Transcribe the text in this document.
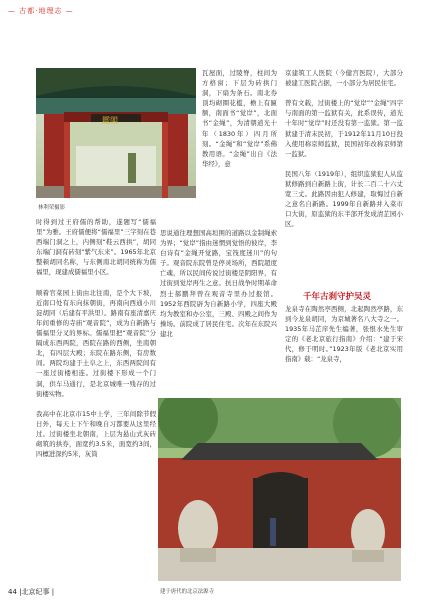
— 古都·地理志 —
鑑閣
林利荣摄影

时得到过王府儒的帮助，遂题写“儒福里”为雅。王府儒便将“儒福里”三字刻在巷西端门洞之上，内侧刻“鞋云西拱”，胡同东端门洞有砖刻“紫气东来”。1965年北京整顿胡同名称，与东侧南北胡同统称为儒福里，现建成儒福里小区。

顺着官菜园上街由北往南，是个大下坡，近南口处有东向抹朝街，再南向西通小川淀胡同（后建有平洪里）。路南有座清嘉庆年间重修的寺庙“观音院”，成为自新路与儒福里分叉的界标。儒福里把“观音院”分隔成东西两院，西院在路的西侧，坐南朝北，有四层大殿；东院在路东侧，有房数间。两院均建于土阜之上，东西两院间有一座过街楼相连。过街楼下形成一个门洞，供车马通行，是北京城唯一残存的过街楼实物。

我高中在北京市15中上学，三年间除节假日外，每天上下午和晚自习都要从这里经过。过街楼坐北朝南，上层为悬山式灰砖砌筑的拱券，面宽约3.5米，面宽约3间，四檩进深约5米，灰筒

瓦屋面，过陵脊，柱间为方格窗；下层为砖拱门洞，下扇为条石。南北券顶均砌圈花槛，檐上有匾额，南面书“觉岸”，北面书“金绳”，为清朝道光十年（1830年）四月所刻。“金绳”和“觉岸”系佛教用语。“金绳”出自《法华经》，意

思说通往理想国高垣围的道路以金制绳索为界；“觉岸”指由迷惘到觉悟的彼岸，李白诗有“金绳开觉路，宝筏度迷川”的句子。观音院东院曾是停灵场所，西院超度亡魂，所以民间传说过街楼是阴阳界，有过街到觉岸再生之意。抗日战争时期革命烈士郝鹏拜曾在观音寺里办过报馆。1952年西院辟为自新路小学，四座大殿均为教室和办公室，三殿、四殿之间作为操场。前院成了居民住宅。次年在东院兴建北

京建筑工人医院（今健宫医院），大部分被建工医院占据，一小部分为居民住宅。

曾有文载，过街楼上的“觉岸”“金绳”四字与南面的第一监狱有关，此系误传，道光十年时“觉岸”时还没有第一监狱。第一监狱建于清末民初，于1912年11月10日投入使用称京师监狱，民国初年改称京师第一监狱。

民国八年（1919年），组织监狱犯人从监狱修路到自新路上街，计长二百二十六丈宽三丈。此路因由犯人修建，取悔过自新之意名自新路。1999年自新路并入菜市口大街，原监狱的东半部开发成清芷园小区。

千年古刹守护吴灵

龙泉寺在陶然亭西侧，北起陶然亭路，东到今龙泉胡同，为京城著名八大寺之一。1935年马芷庠先生编著，张恨水先生审定的《老北京旅行指南》介绍：“建于宋代，修于明时。”1923年版《老北京实用指南》载：“龙泉寺，

建于唐代的北京法源寺
44 |北京纪事 |
